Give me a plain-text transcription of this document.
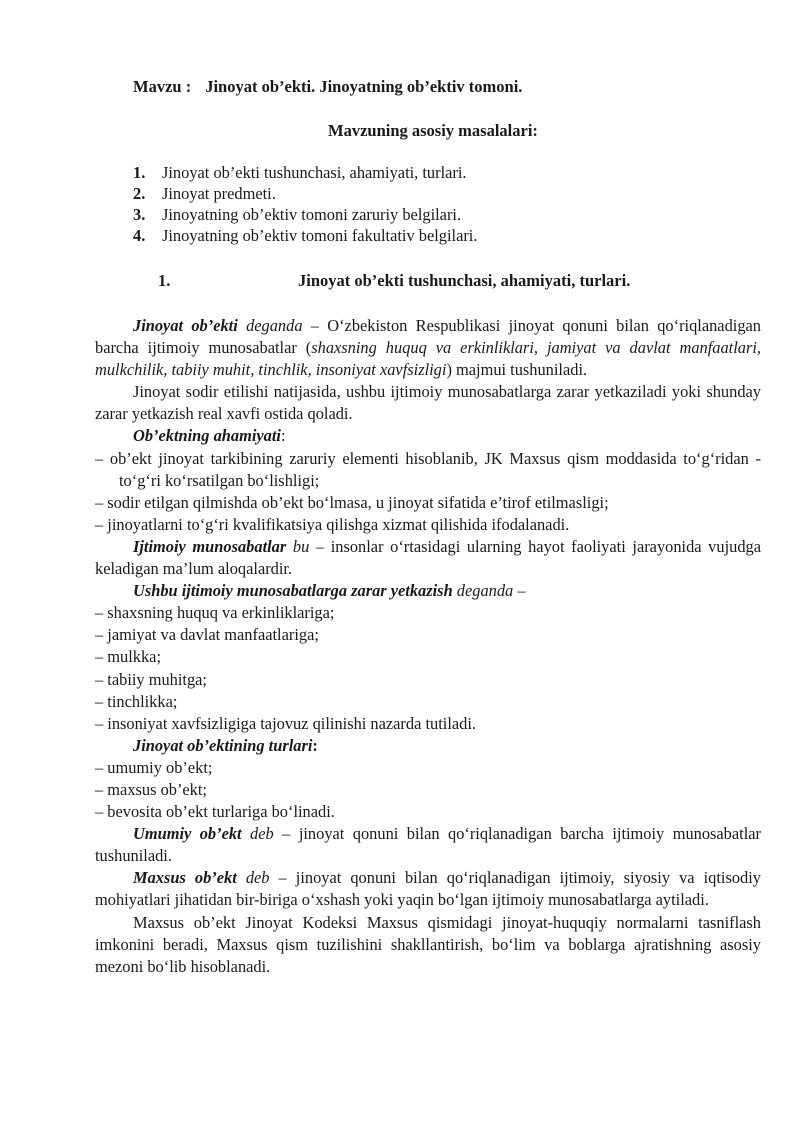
Mavzu : Jinoyat ob’ekti. Jinoyatning ob’ektiv tomoni.
Mavzuning asosiy masalalari:
1.	Jinoyat ob’ekti tushunchasi, ahamiyati, turlari.
2.	Jinoyat predmeti.
3.	Jinoyatning ob’ektiv tomoni zaruriy belgilari.
4.	Jinoyatning ob’ektiv tomoni fakultativ belgilari.
1.	Jinoyat ob’ekti tushunchasi, ahamiyati, turlari.

Jinoyat ob’ekti deganda – O‘zbekiston Respublikasi jinoyat qonuni bilan qo‘riqlanadigan barcha ijtimoiy munosabatlar (shaxsning huquq va erkinliklari, jamiyat va davlat manfaatlari, mulkchilik, tabiiy muhit, tinchlik, insoniyat xavfsizligi) majmui tushuniladi.

Jinoyat sodir etilishi natijasida, ushbu ijtimoiy munosabatlarga zarar yetkaziladi yoki shunday zarar yetkazish real xavfi ostida qoladi.

Ob’ektning ahamiyati:

– ob’ekt jinoyat tarkibining zaruriy elementi hisoblanib, JK Maxsus qism moddasida to‘g‘ridan - to‘g‘ri ko‘rsatilgan bo‘lishligi;

– sodir etilgan qilmishda ob’ekt bo‘lmasa, u jinoyat sifatida e’tirof etilmasligi;

– jinoyatlarni to‘g‘ri kvalifikatsiya qilishga xizmat qilishida ifodalanadi.

Ijtimoiy munosabatlar bu – insonlar o‘rtasidagi ularning hayot faoliyati jarayonida vujudga keladigan ma’lum aloqalardir.

Ushbu ijtimoiy munosabatlarga zarar yetkazish deganda –

– shaxsning huquq va erkinliklariga;

– jamiyat va davlat manfaatlariga;

– mulkka;

– tabiiy muhitga;

– tinchlikka;

– insoniyat xavfsizligiga tajovuz qilinishi nazarda tutiladi.

Jinoyat ob’ektining turlari:

– umumiy ob’ekt;

– maxsus ob’ekt;

– bevosita ob’ekt turlariga bo‘linadi.

Umumiy ob’ekt deb – jinoyat qonuni bilan qo‘riqlanadigan barcha ijtimoiy munosabatlar tushuniladi.

Maxsus ob’ekt deb – jinoyat qonuni bilan qo‘riqlanadigan ijtimoiy, siyosiy va iqtisodiy mohiyatlari jihatidan bir-biriga o‘xshash yoki yaqin bo‘lgan ijtimoiy munosabatlarga aytiladi.

Maxsus ob’ekt Jinoyat Kodeksi Maxsus qismidagi jinoyat-huquqiy normalarni tasniflash imkonini beradi, Maxsus qism tuzilishini shakllantirish, bo‘lim va boblarga ajratishning asosiy mezoni bo‘lib hisoblanadi.
